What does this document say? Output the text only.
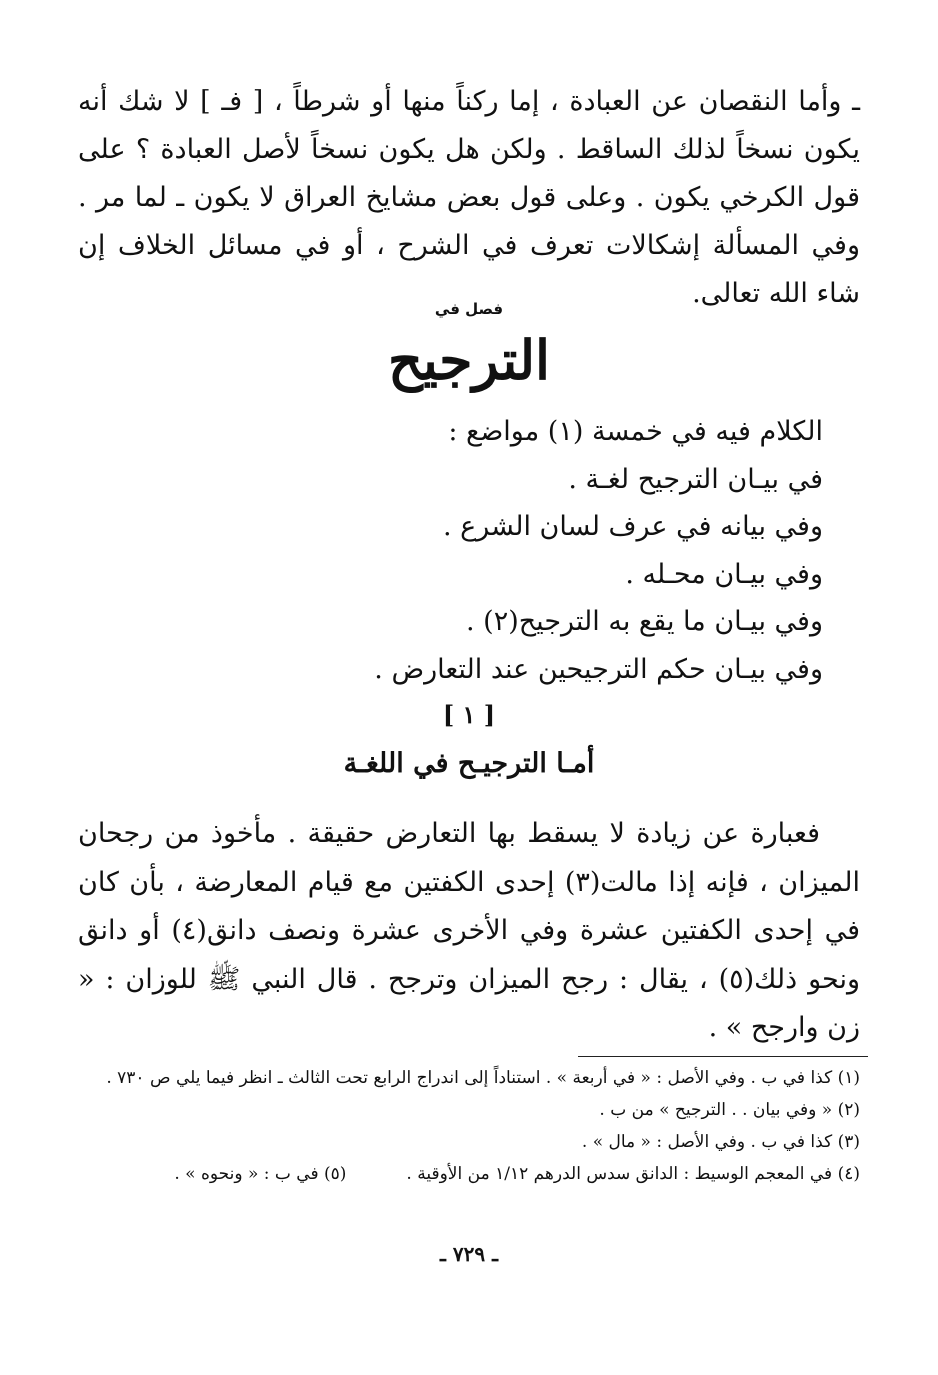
ـ وأما النقصان عن العبادة ، إما ركناً منها أو شرطاً ، [ فـ ] لا شك أنه يكون نسخاً لذلك الساقط . ولكن هل يكون نسخاً لأصل العبادة ؟ على قول الكرخي يكون . وعلى قول بعض مشايخ العراق لا يكون ـ لما مر . وفي المسألة إشكالات تعرف في الشرح ، أو في مسائل الخلاف إن شاء الله تعالى.

فصل في
الترجيح
الكلام فيه في خمسة (١) مواضع :
في بيـان الترجيح لغـة .
وفي بيانه في عرف لسان الشرع .
وفي بيـان محـله .
وفي بيـان ما يقع به الترجيح(٢) .
وفي بيـان حكم الترجيحين عند التعارض .
[ ١ ]
أمـا الترجيـح في اللغـة

فعبارة عن زيادة لا يسقط بها التعارض حقيقة . مأخوذ من رجحان الميزان ، فإنه إذا مالت(٣) إحدى الكفتين مع قيام المعارضة ، بأن كان في إحدى الكفتين عشرة وفي الأخرى عشرة ونصف دانق(٤) أو دانق ونحو ذلك(٥) ، يقال : رجح الميزان وترجح . قال النبي ﷺ للوزان : « زن وارجح » .

(١) كذا في ب . وفي الأصل : « في أربعة » . استناداً إلى اندراج الرابع تحت الثالث ـ انظر فيما يلي ص ٧٣٠ .
(٢) « وفي بيان . . الترجيح » من ب .
(٣) كذا في ب . وفي الأصل : « مال » .
(٤) في المعجم الوسيط : الدانق سدس الدرهم ١/١٢ من الأوقية .(٥) في ب : « ونحوه » .
ـ ٧٢٩ ـ
